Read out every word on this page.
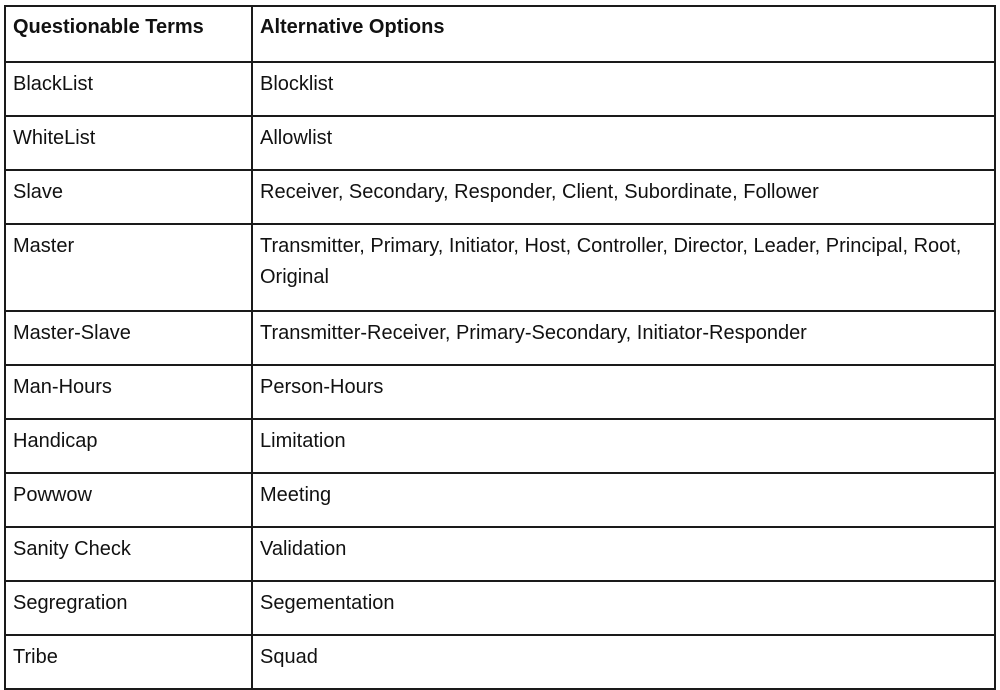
Questionable Terms	Alternative Options
BlackList	Blocklist
WhiteList	Allowlist
Slave	Receiver, Secondary, Responder, Client, Subordinate, Follower
Master	Transmitter, Primary, Initiator, Host, Controller, Director, Leader, Principal, Root, Original
Master-Slave	Transmitter-Receiver, Primary-Secondary, Initiator-Responder
Man-Hours	Person-Hours
Handicap	Limitation
Powwow	Meeting
Sanity Check	Validation
Segregration	Segementation
Tribe	Squad
